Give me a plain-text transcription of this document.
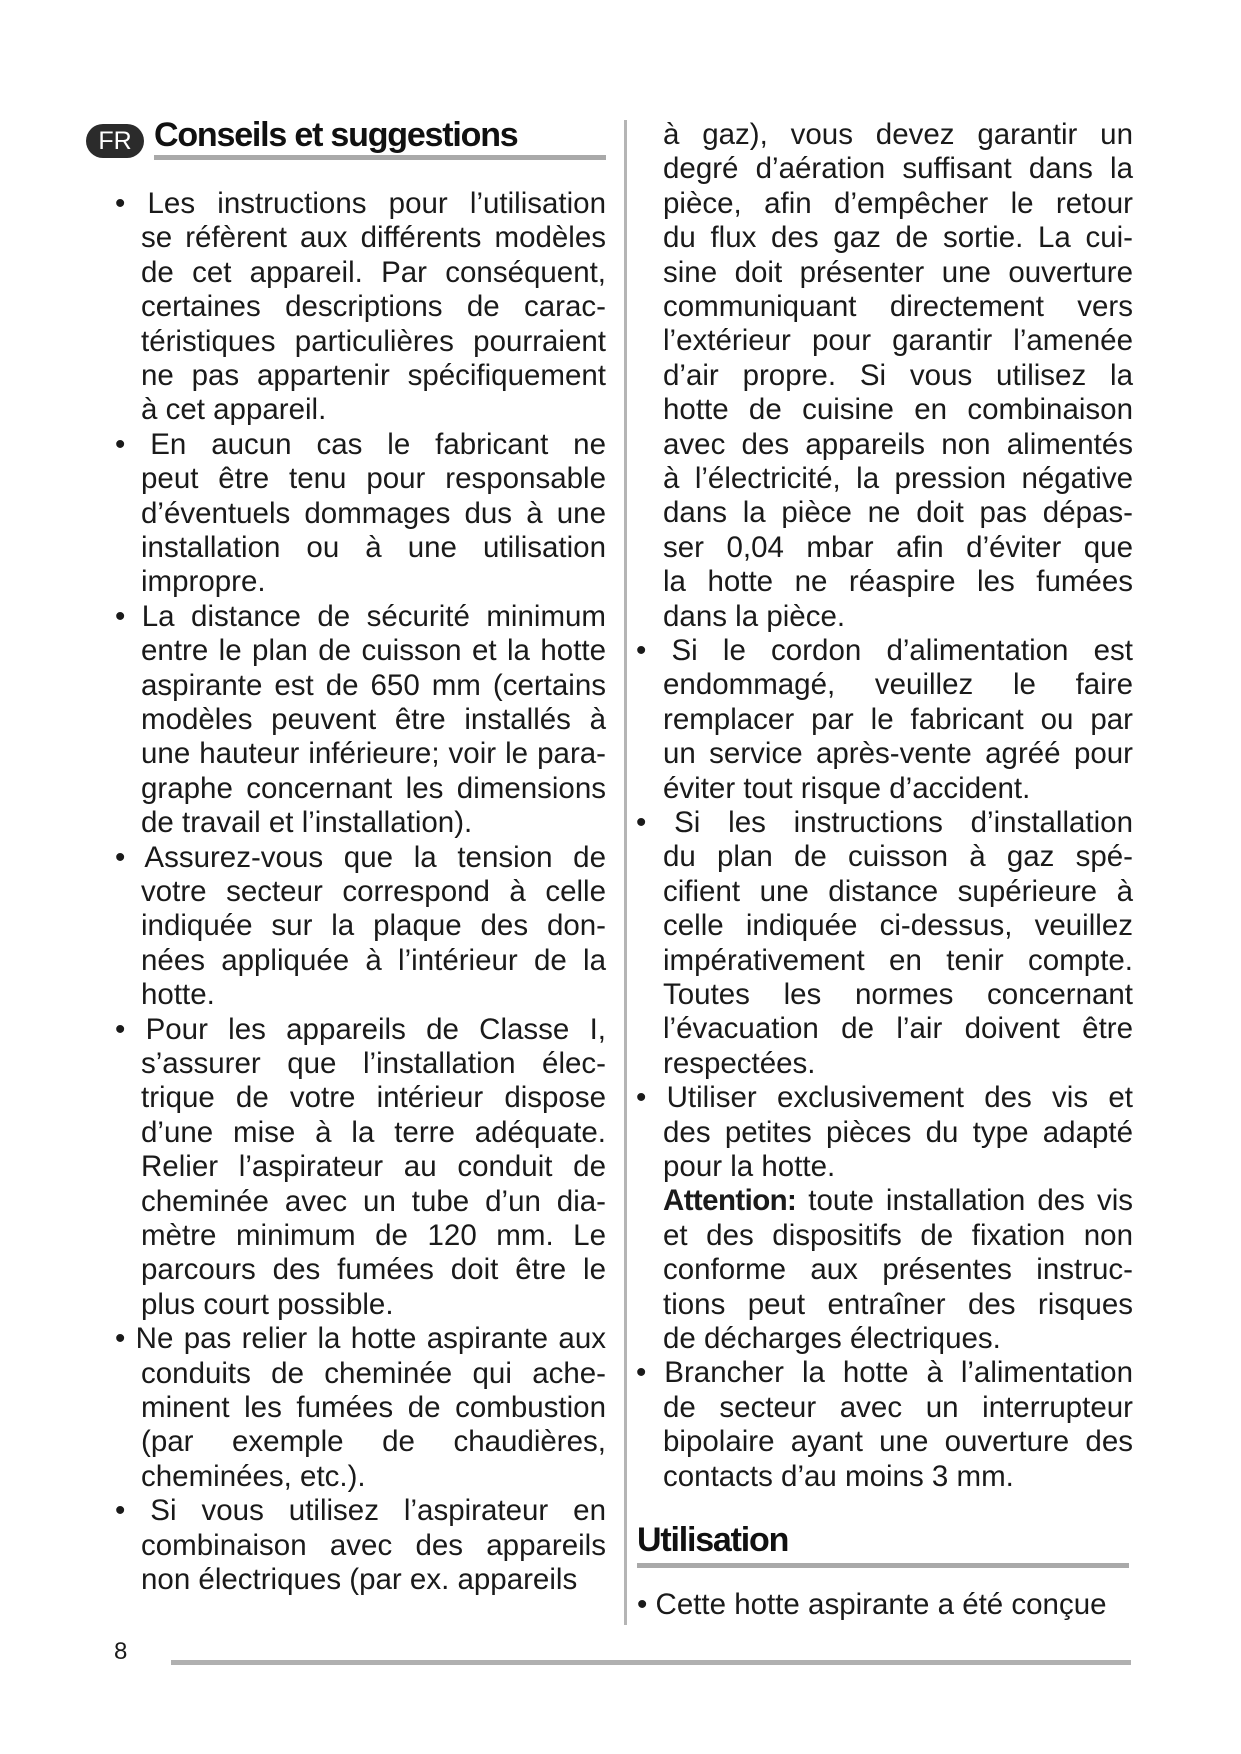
FR Conseils et suggestions
• Les instructions pour l’utilisation
se réfèrent aux différents modèles
de cet appareil. Par conséquent,
certaines descriptions de carac-
téristiques particulières pourraient
ne pas appartenir spécifiquement
à cet appareil.
• En aucun cas le fabricant ne
peut être tenu pour responsable
d’éventuels dommages dus à une
installation ou à une utilisation
impropre.
• La distance de sécurité minimum
entre le plan de cuisson et la hotte
aspirante est de 650 mm (certains
modèles peuvent être installés à
une hauteur inférieure; voir le para-
graphe concernant les dimensions
de travail et l’installation).
• Assurez-vous que la tension de
votre secteur correspond à celle
indiquée sur la plaque des don-
nées appliquée à l’intérieur de la
hotte.
• Pour les appareils de Classe I,
s’assurer que l’installation élec-
trique de votre intérieur dispose
d’une mise à la terre adéquate.
Relier l’aspirateur au conduit de
cheminée avec un tube d’un dia-
mètre minimum de 120 mm. Le
parcours des fumées doit être le
plus court possible.
• Ne pas relier la hotte aspirante aux
conduits de cheminée qui ache-
minent les fumées de combustion
(par exemple de chaudières,
cheminées, etc.).
• Si vous utilisez l’aspirateur en
combinaison avec des appareils
non électriques (par ex. appareils
à gaz), vous devez garantir un
degré d’aération suffisant dans la
pièce, afin d’empêcher le retour
du flux des gaz de sortie. La cui-
sine doit présenter une ouverture
communiquant directement vers
l’extérieur pour garantir l’amenée
d’air propre. Si vous utilisez la
hotte de cuisine en combinaison
avec des appareils non alimentés
à l’électricité, la pression négative
dans la pièce ne doit pas dépas-
ser 0,04 mbar afin d’éviter que
la hotte ne réaspire les fumées
dans la pièce.
• Si le cordon d’alimentation est
endommagé, veuillez le faire
remplacer par le fabricant ou par
un service après-vente agréé pour
éviter tout risque d’accident.
• Si les instructions d’installation
du plan de cuisson à gaz spé-
cifient une distance supérieure à
celle indiquée ci-dessus, veuillez
impérativement en tenir compte.
Toutes les normes concernant
l’évacuation de l’air doivent être
respectées.
• Utiliser exclusivement des vis et
des petites pièces du type adapté
pour la hotte.
Attention: toute installation des vis
et des dispositifs de fixation non
conforme aux présentes instruc-
tions peut entraîner des risques
de décharges électriques.
• Brancher la hotte à l’alimentation
de secteur avec un interrupteur
bipolaire ayant une ouverture des
contacts d’au moins 3 mm.
Utilisation
• Cette hotte aspirante a été conçue
8
